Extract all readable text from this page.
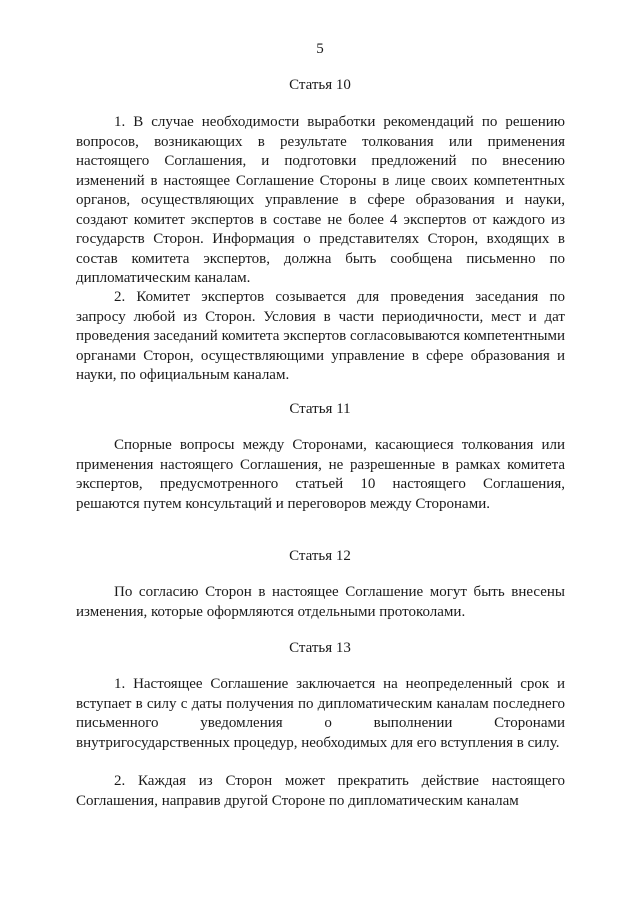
5
Статья 10

1. В случае необходимости выработки рекомендаций по решению вопросов, возникающих в результате толкования или применения настоящего Соглашения, и подготовки предложений по внесению изменений в настоящее Соглашение Стороны в лице своих компетентных органов, осуществляющих управление в сфере образования и науки, создают комитет экспертов в составе не более 4 экспертов от каждого из государств Сторон. Информация о представителях Сторон, входящих в состав комитета экспертов, должна быть сообщена письменно по дипломатическим каналам.

2. Комитет экспертов созывается для проведения заседания по запросу любой из Сторон. Условия в части периодичности, мест и дат проведения заседаний комитета экспертов согласовываются компетентными органами Сторон, осуществляющими управление в сфере образования и науки, по официальным каналам.

Статья 11

Спорные вопросы между Сторонами, касающиеся толкования или применения настоящего Соглашения, не разрешенные в рамках комитета экспертов, предусмотренного статьей 10 настоящего Соглашения, решаются путем консультаций и переговоров между Сторонами.

Статья 12

По согласию Сторон в настоящее Соглашение могут быть внесены изменения, которые оформляются отдельными протоколами.

Статья 13

1. Настоящее Соглашение заключается на неопределенный срок и вступает в силу с даты получения по дипломатическим каналам последнего письменного уведомления о выполнении Сторонами внутригосударственных процедур, необходимых для его вступления в силу.

2. Каждая из Сторон может прекратить действие настоящего Соглашения, направив другой Стороне по дипломатическим каналам
